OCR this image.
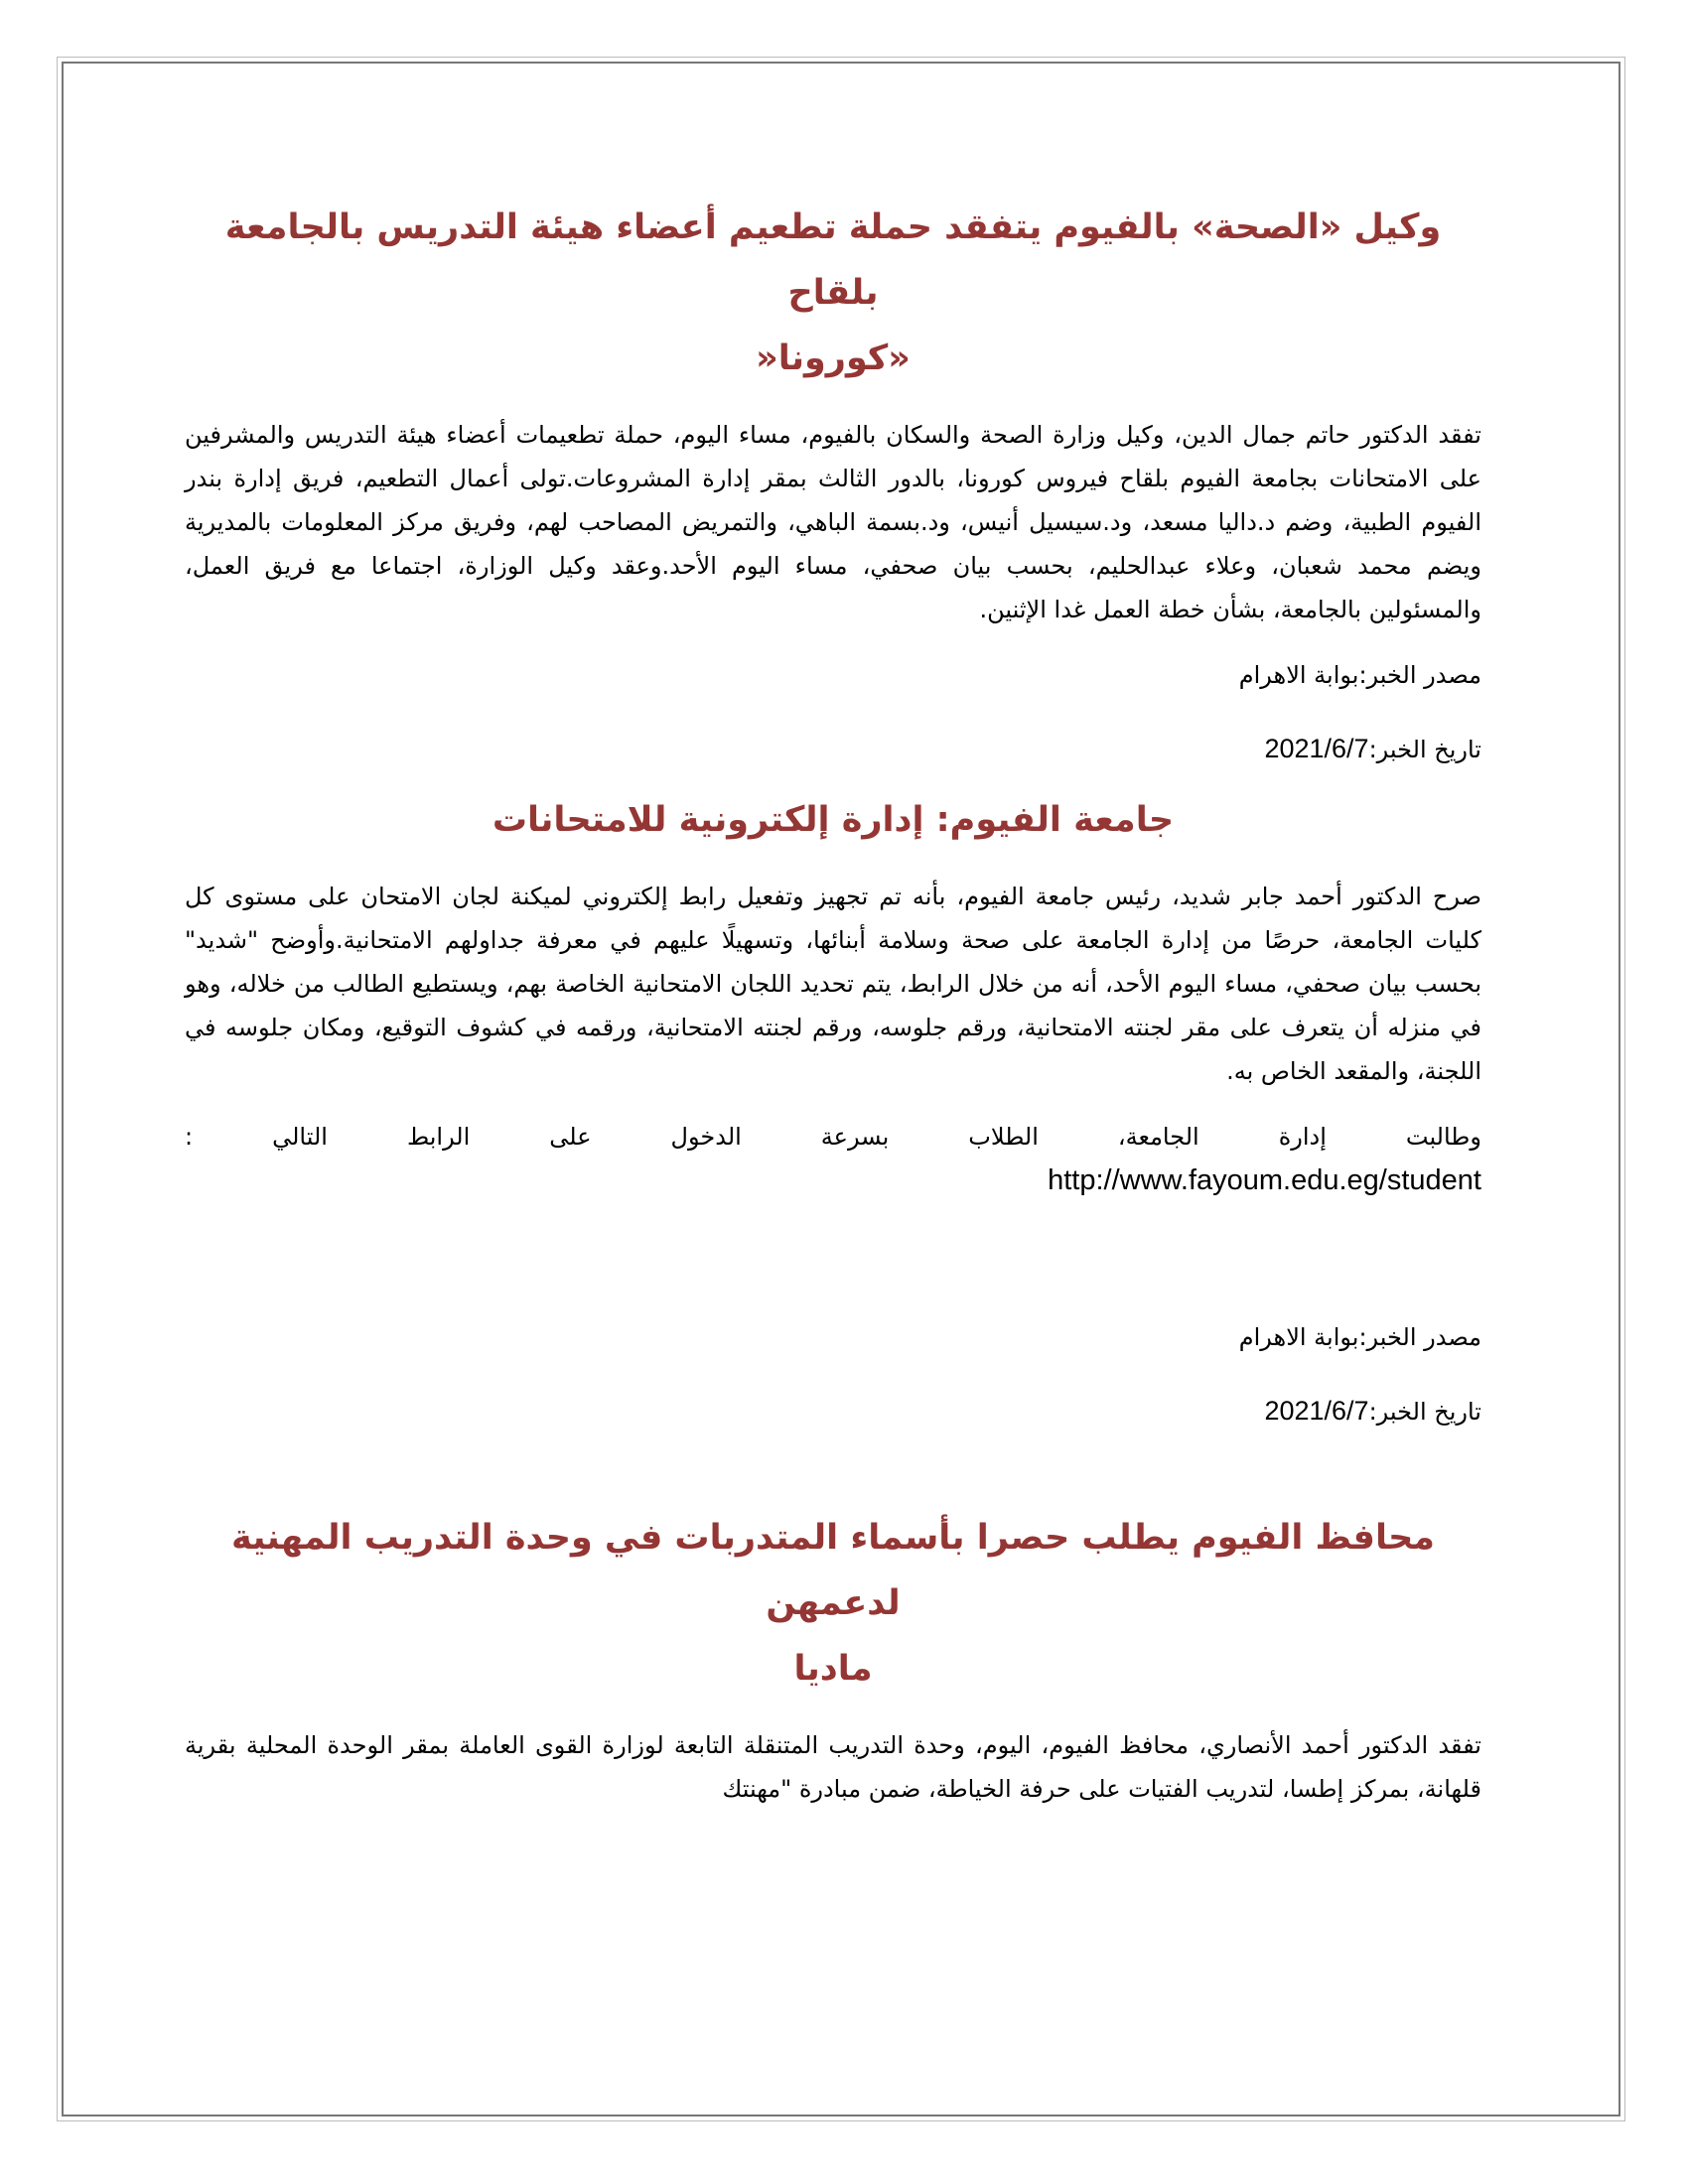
وكيل «الصحة» بالفيوم يتفقد حملة تطعيم أعضاء هيئة التدريس بالجامعة بلقاح
«كورونا«

تفقد الدكتور حاتم جمال الدين، وكيل وزارة الصحة والسكان بالفيوم، مساء اليوم، حملة تطعيمات أعضاء هيئة التدريس والمشرفين على الامتحانات بجامعة الفيوم بلقاح فيروس كورونا، بالدور الثالث بمقر إدارة المشروعات.تولى أعمال التطعيم، فريق إدارة بندر الفيوم الطبية، وضم د.داليا مسعد، ود.سيسيل أنيس، ود.بسمة الباهي، والتمريض المصاحب لهم، وفريق مركز المعلومات بالمديرية ويضم محمد شعبان، وعلاء عبدالحليم، بحسب بيان صحفي، مساء اليوم الأحد.وعقد وكيل الوزارة، اجتماعا مع فريق العمل، والمسئولين بالجامعة، بشأن خطة العمل غدا الإثنين.

مصدر الخبر:بوابة الاهرام

تاريخ الخبر:2021/6/7

جامعة الفيوم: إدارة إلكترونية للامتحانات

صرح الدكتور أحمد جابر شديد، رئيس جامعة الفيوم، بأنه تم تجهيز وتفعيل رابط إلكتروني لميكنة لجان الامتحان على مستوى كل كليات الجامعة، حرصًا من إدارة الجامعة على صحة وسلامة أبنائها، وتسهيلًا عليهم في معرفة جداولهم الامتحانية.وأوضح "شديد" بحسب بيان صحفي، مساء اليوم الأحد، أنه من خلال الرابط، يتم تحديد اللجان الامتحانية الخاصة بهم، ويستطيع الطالب من خلاله، وهو في منزله أن يتعرف على مقر لجنته الامتحانية، ورقم جلوسه، ورقم لجنته الامتحانية، ورقمه في كشوف التوقيع، ومكان جلوسه في اللجنة، والمقعد الخاص به.

وطالبت
إدارة
الجامعة،
الطلاب
بسرعة
الدخول
على
الرابط
التالي
:
http://www.fayoum.edu.eg/student

مصدر الخبر:بوابة الاهرام

تاريخ الخبر:2021/6/7

محافظ الفيوم يطلب حصرا بأسماء المتدربات في وحدة التدريب المهنية لدعمهن
ماديا

تفقد الدكتور أحمد الأنصاري، محافظ الفيوم، اليوم، وحدة التدريب المتنقلة التابعة لوزارة القوى العاملة بمقر الوحدة المحلية بقرية قلهانة، بمركز إطسا، لتدريب الفتيات على حرفة الخياطة، ضمن مبادرة "مهنتك
